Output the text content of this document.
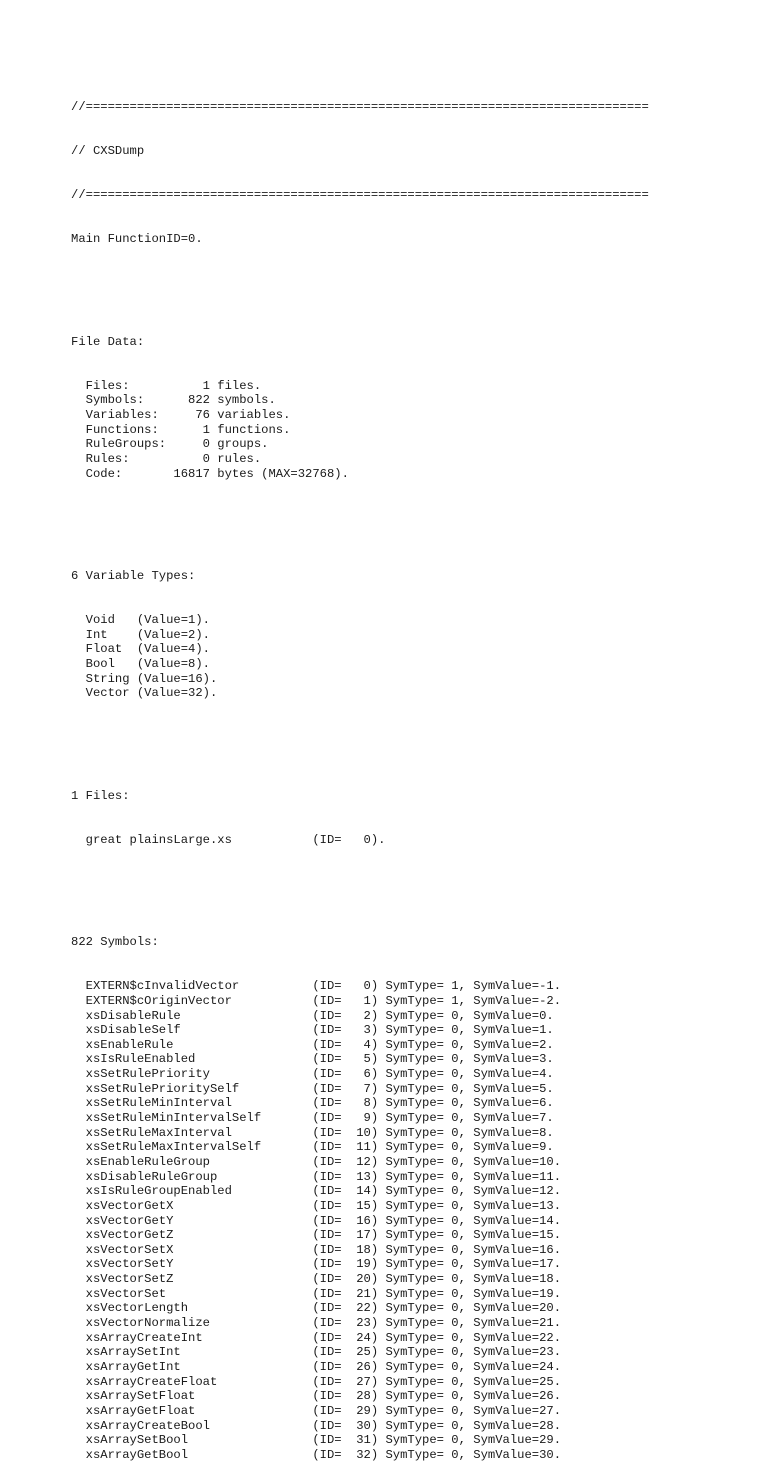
//=============================================================================

// CXSDump

//=============================================================================

Main FunctionID=0.

File Data:

Files:          1 files.
Symbols:      822 symbols.
Variables:     76 variables.
Functions:      1 functions.
RuleGroups:     0 groups.
Rules:          0 rules.
Code:       16817 bytes (MAX=32768).

6 Variable Types:

Void   (Value=1).
Int    (Value=2).
Float  (Value=4).
Bool   (Value=8).
String (Value=16).
Vector (Value=32).

1 Files:

great plainsLarge.xs           (ID=   0).

822 Symbols:

EXTERN$cInvalidVector          (ID=   0) SymType= 1, SymValue=-1.
EXTERN$cOriginVector           (ID=   1) SymType= 1, SymValue=-2.
xsDisableRule                  (ID=   2) SymType= 0, SymValue=0.
xsDisableSelf                  (ID=   3) SymType= 0, SymValue=1.
xsEnableRule                   (ID=   4) SymType= 0, SymValue=2.
xsIsRuleEnabled                (ID=   5) SymType= 0, SymValue=3.
xsSetRulePriority              (ID=   6) SymType= 0, SymValue=4.
xsSetRulePrioritySelf          (ID=   7) SymType= 0, SymValue=5.
xsSetRuleMinInterval           (ID=   8) SymType= 0, SymValue=6.
xsSetRuleMinIntervalSelf       (ID=   9) SymType= 0, SymValue=7.
xsSetRuleMaxInterval           (ID=  10) SymType= 0, SymValue=8.
xsSetRuleMaxIntervalSelf       (ID=  11) SymType= 0, SymValue=9.
xsEnableRuleGroup              (ID=  12) SymType= 0, SymValue=10.
xsDisableRuleGroup             (ID=  13) SymType= 0, SymValue=11.
xsIsRuleGroupEnabled           (ID=  14) SymType= 0, SymValue=12.
xsVectorGetX                   (ID=  15) SymType= 0, SymValue=13.
xsVectorGetY                   (ID=  16) SymType= 0, SymValue=14.
xsVectorGetZ                   (ID=  17) SymType= 0, SymValue=15.
xsVectorSetX                   (ID=  18) SymType= 0, SymValue=16.
xsVectorSetY                   (ID=  19) SymType= 0, SymValue=17.
xsVectorSetZ                   (ID=  20) SymType= 0, SymValue=18.
xsVectorSet                    (ID=  21) SymType= 0, SymValue=19.
xsVectorLength                 (ID=  22) SymType= 0, SymValue=20.
xsVectorNormalize              (ID=  23) SymType= 0, SymValue=21.
xsArrayCreateInt               (ID=  24) SymType= 0, SymValue=22.
xsArraySetInt                  (ID=  25) SymType= 0, SymValue=23.
xsArrayGetInt                  (ID=  26) SymType= 0, SymValue=24.
xsArrayCreateFloat             (ID=  27) SymType= 0, SymValue=25.
xsArraySetFloat                (ID=  28) SymType= 0, SymValue=26.
xsArrayGetFloat                (ID=  29) SymType= 0, SymValue=27.
xsArrayCreateBool              (ID=  30) SymType= 0, SymValue=28.
xsArraySetBool                 (ID=  31) SymType= 0, SymValue=29.
xsArrayGetBool                 (ID=  32) SymType= 0, SymValue=30.
